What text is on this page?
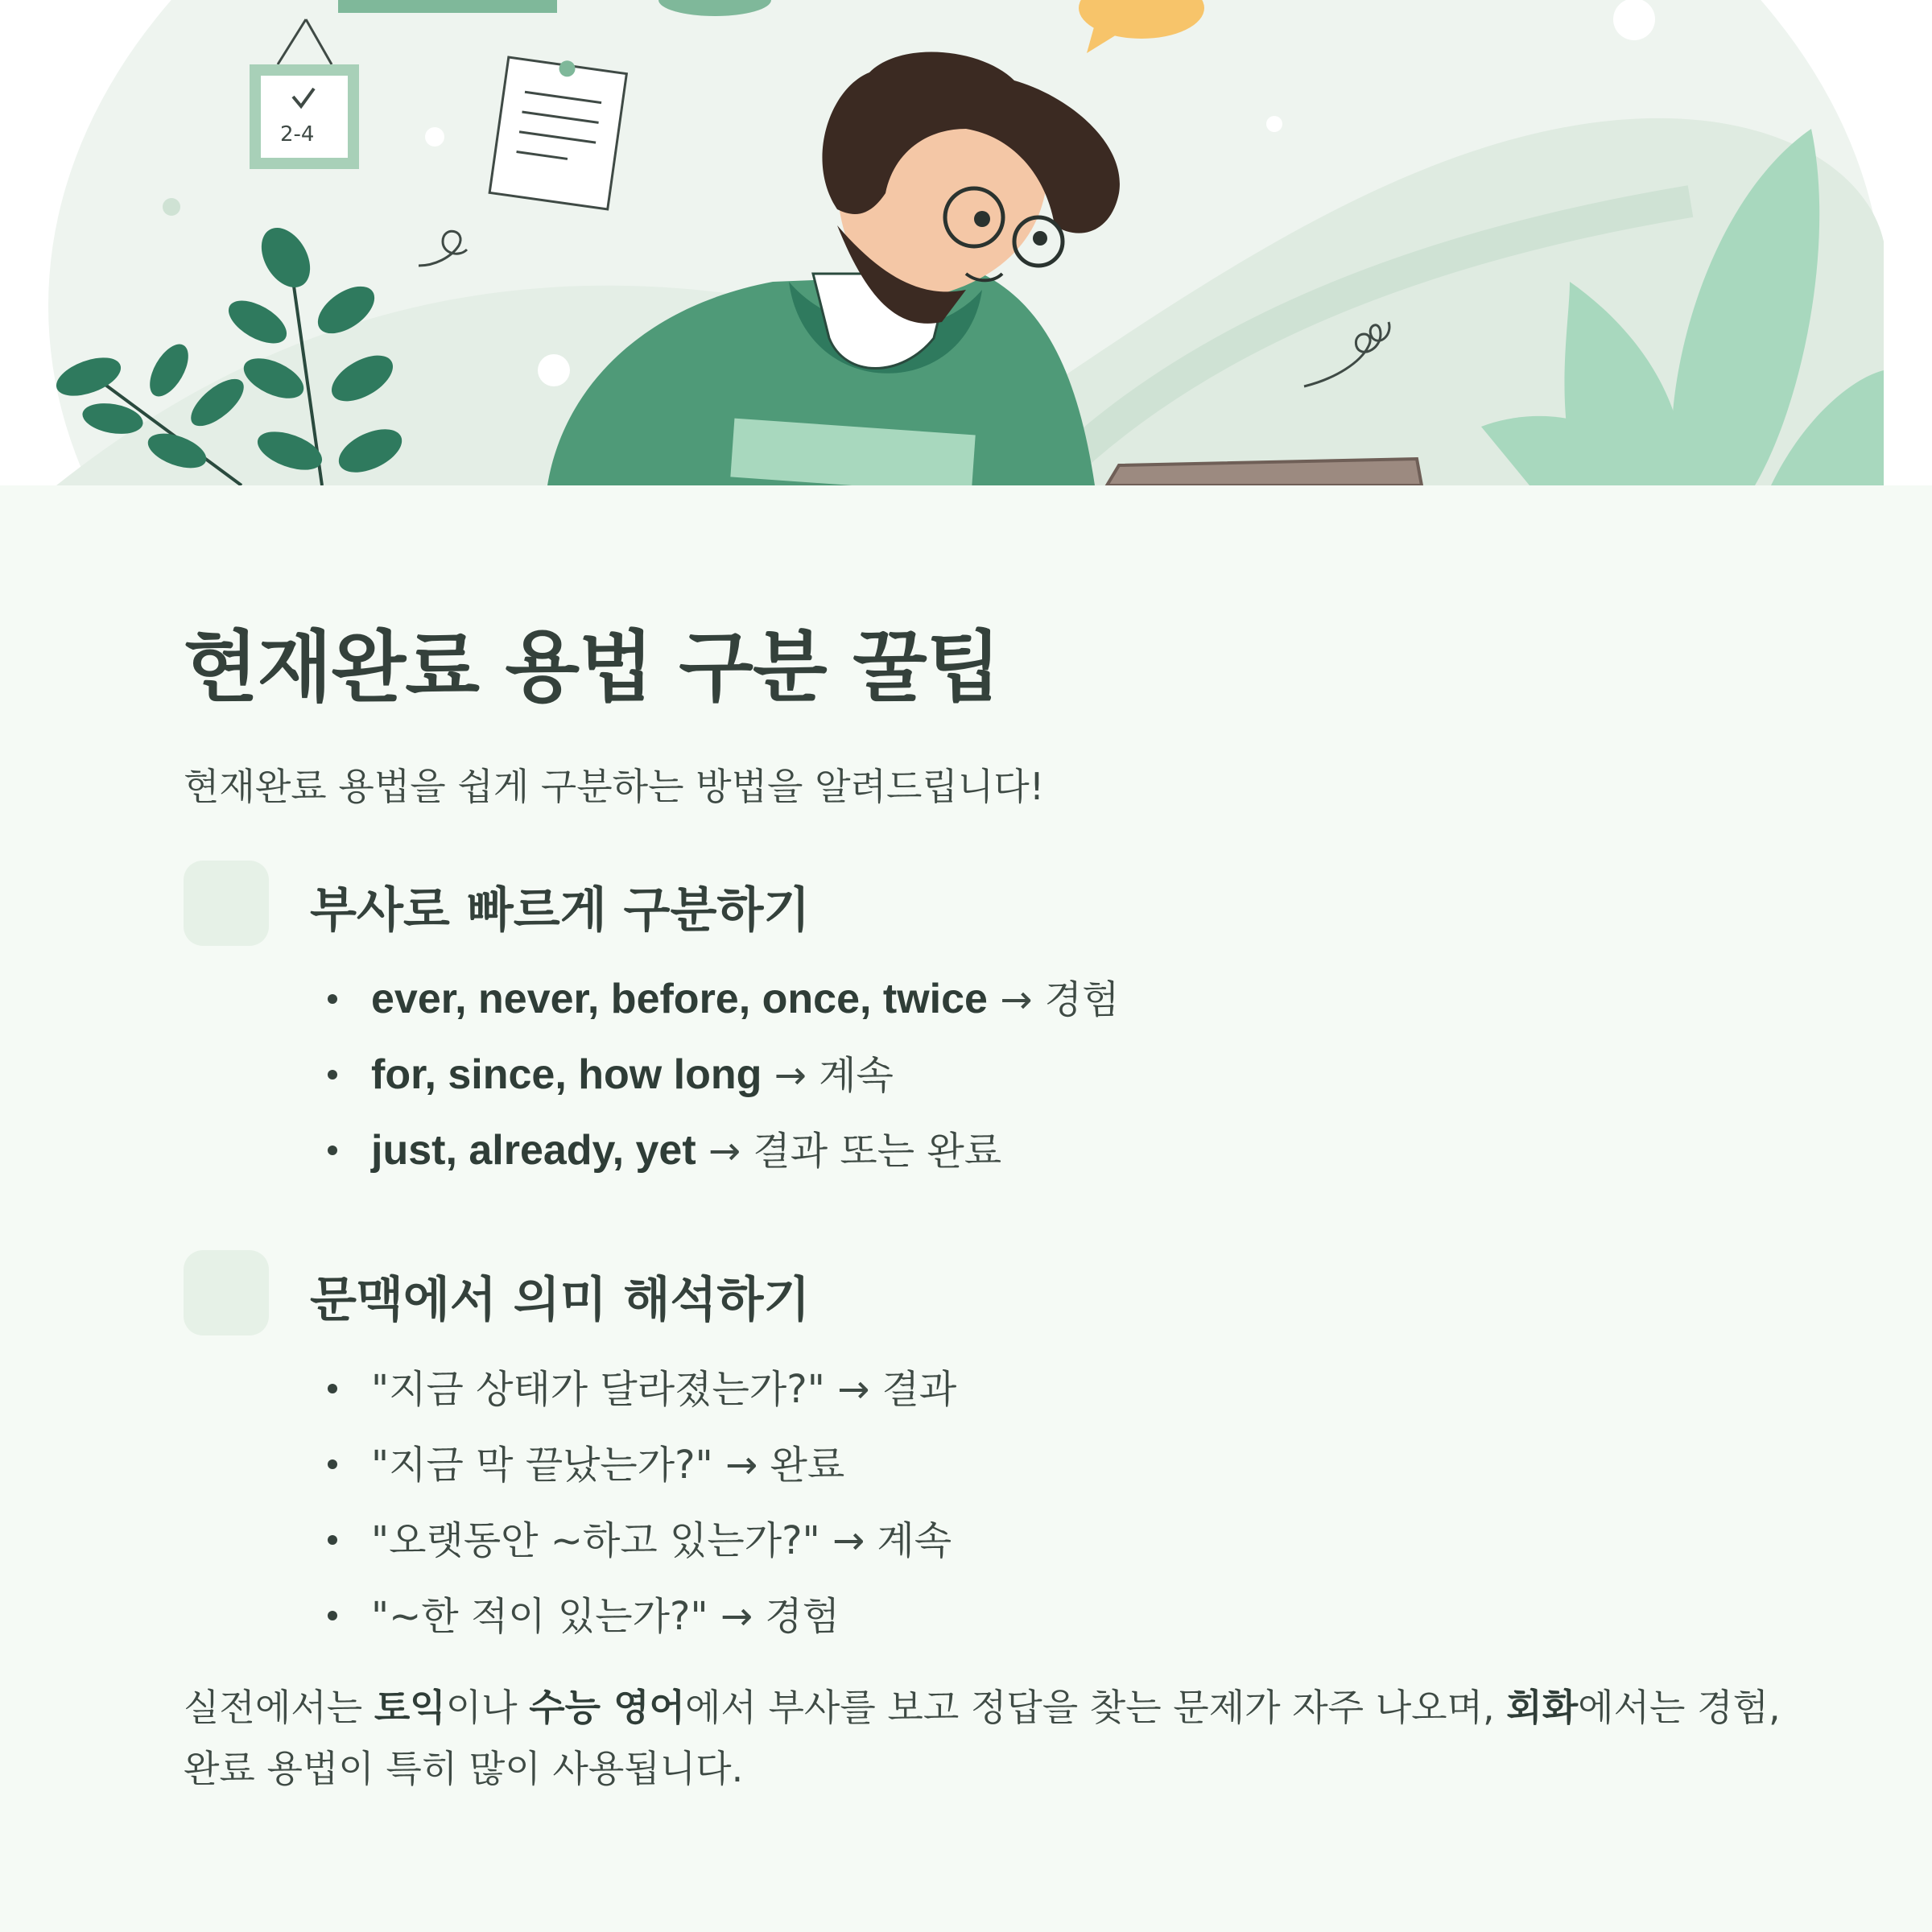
2-4
현재완료 용법 구분 꿀팁
현재완료 용법을 쉽게 구분하는 방법을 알려드립니다!
부사로 빠르게 구분하기
ever, never, before, once, twice → 경험
for, since, how long → 계속
just, already, yet → 결과 또는 완료
문맥에서 의미 해석하기
"지금 상태가 달라졌는가?" → 결과
"지금 막 끝났는가?" → 완료
"오랫동안 ~하고 있는가?" → 계속
"~한 적이 있는가?" → 경험

실전에서는 토익이나 수능 영어에서 부사를 보고 정답을 찾는 문제가 자주 나오며, 회화에서는 경험, 완료 용법이 특히 많이 사용됩니다.
